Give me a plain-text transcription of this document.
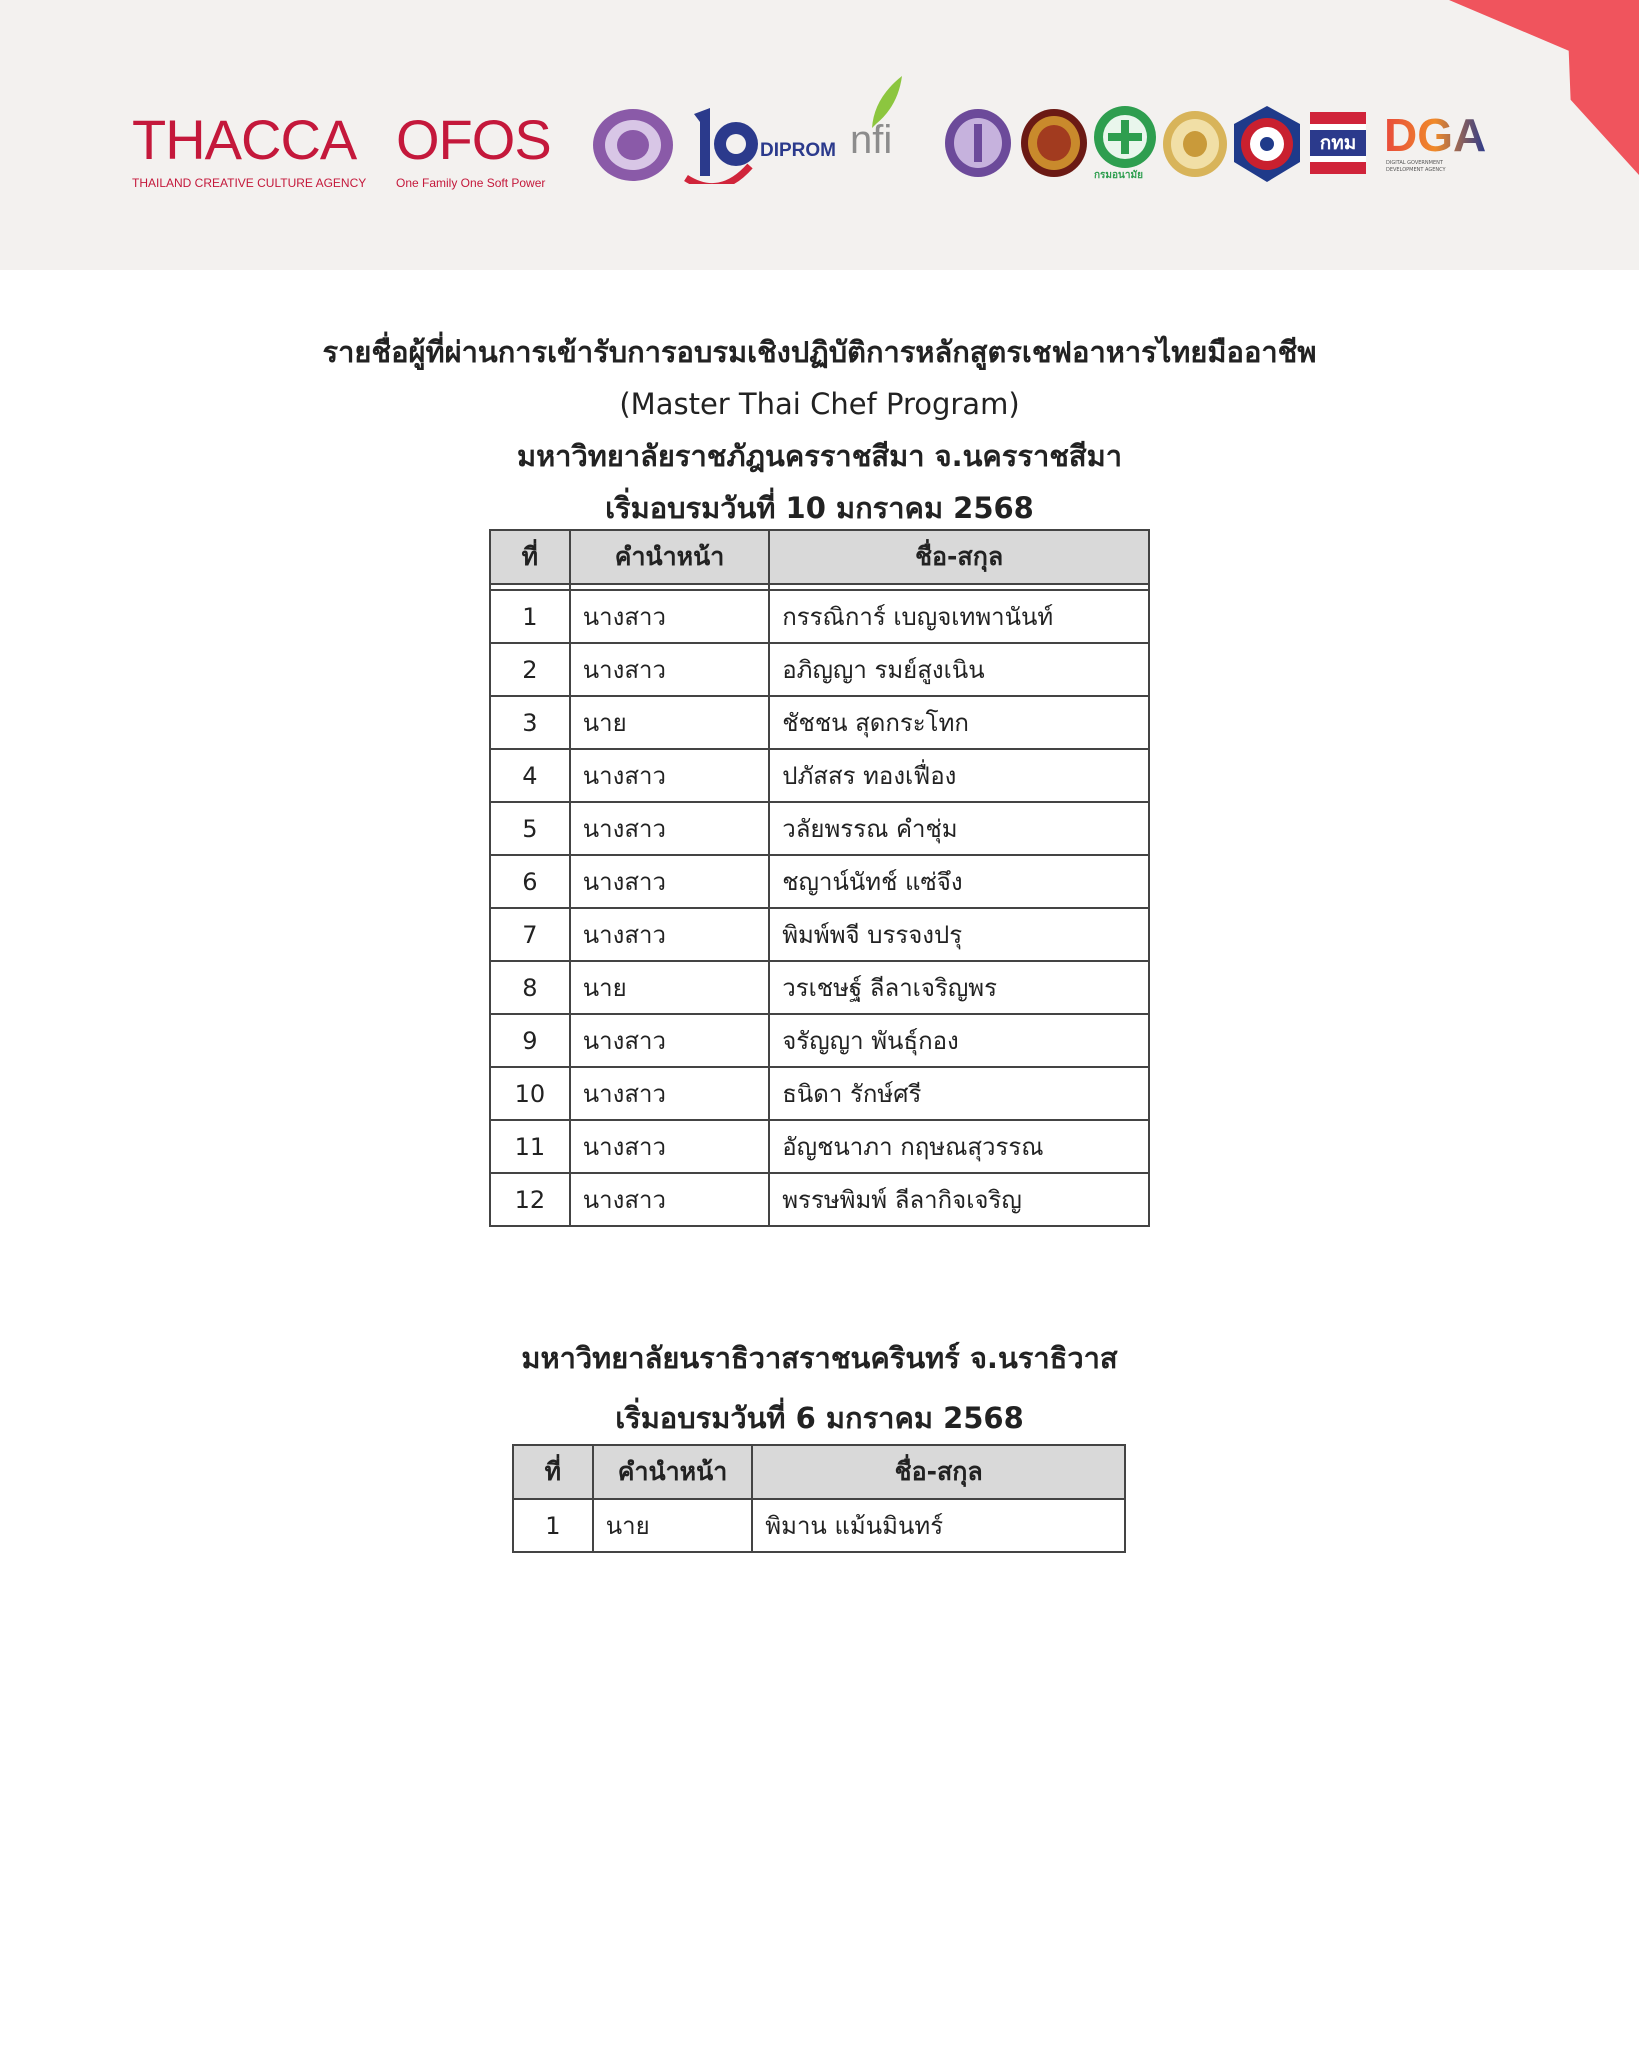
THACCA
THAILAND CREATIVE CULTURE AGENCY
OFOS
One Family One Soft Power
DIPROM nfi
กรมอนามัย
กทม DGA
DIGITAL GOVERNMENT DEVELOPMENT AGENCY
รายชื่อผู้ที่ผ่านการเข้ารับการอบรมเชิงปฏิบัติการหลักสูตรเชฟอาหารไทยมืออาชีพ
(Master Thai Chef Program)
มหาวิทยาลัยราชภัฎนครราชสีมา จ.นครราชสีมา
เริ่มอบรมวันที่ 10 มกราคม 2568
ที่	คำนำหน้า	ชื่อ-สกุล

1	นางสาว	กรรณิการ์ เบญจเทพานันท์
2	นางสาว	อภิญญา รมย์สูงเนิน
3	นาย	ชัชชน สุดกระโทก
4	นางสาว	ปภัสสร ทองเฟื่อง
5	นางสาว	วลัยพรรณ คำชุ่ม
6	นางสาว	ชญาน์นัทช์ แซ่จึง
7	นางสาว	พิมพ์พจี บรรจงปรุ
8	นาย	วรเชษฐ์ ลีลาเจริญพร
9	นางสาว	จรัญญา พันธุ์กอง
10	นางสาว	ธนิดา รักษ์ศรี
11	นางสาว	อัญชนาภา กฤษณสุวรรณ
12	นางสาว	พรรษพิมพ์ ลีลากิจเจริญ
มหาวิทยาลัยนราธิวาสราชนครินทร์ จ.นราธิวาส
เริ่มอบรมวันที่ 6 มกราคม 2568
ที่	คำนำหน้า	ชื่อ-สกุล
1	นาย	พิมาน แม้นมินทร์
